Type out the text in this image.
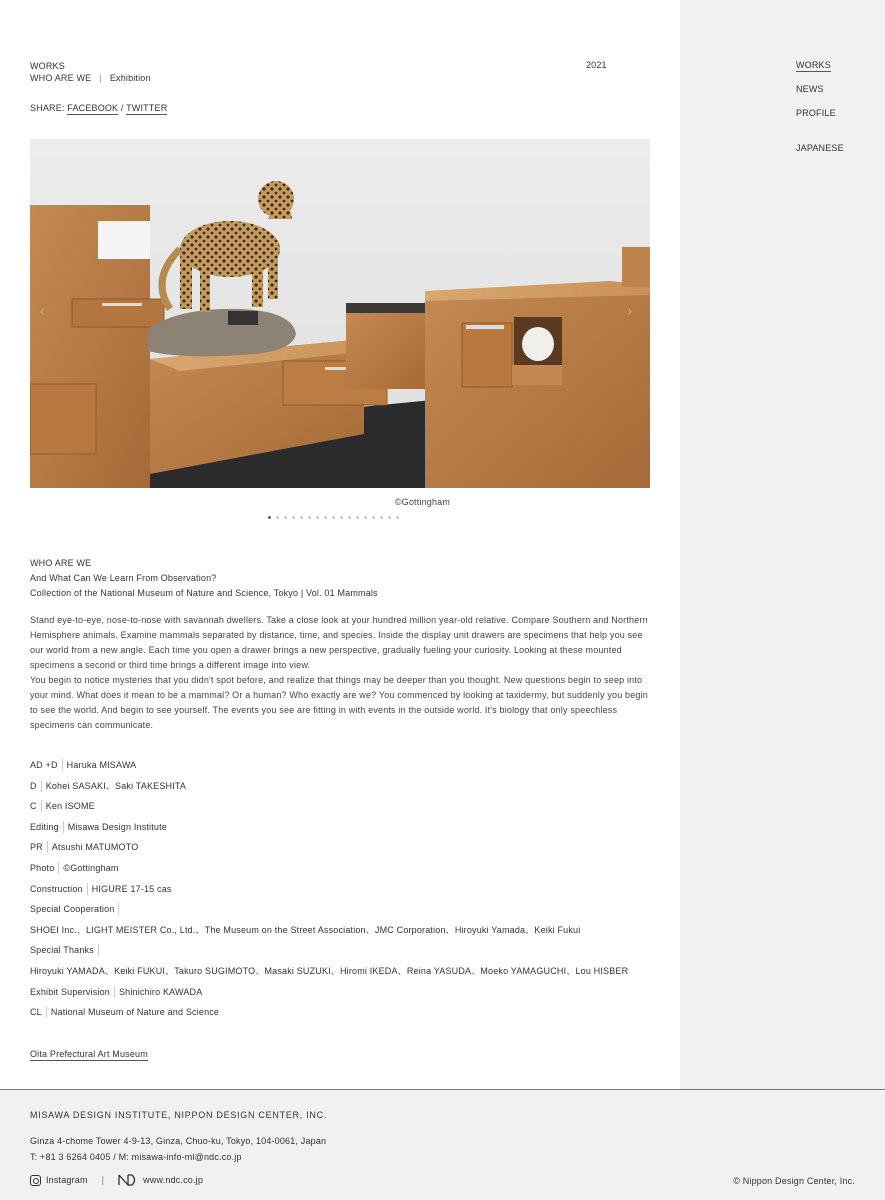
WORKS
WHO ARE WE | Exhibition
2021
SHARE: FACEBOOK / TWITTER
‹	›
©Gottingham
WHO ARE WE
And What Can We Learn From Observation?
Collection of the National Museum of Nature and Science, Tokyo | Vol. 01 Mammals
Stand eye-to-eye, nose-to-nose with savannah dwellers. Take a close look at your hundred million year-old relative. Compare Southern and Northern Hemisphere animals. Examine mammals separated by distance, time, and species. Inside the display unit drawers are specimens that help you see our world from a new angle. Each time you open a drawer brings a new perspective, gradually fueling your curiosity. Looking at these mounted specimens a second or third time brings a different image into view.
You begin to notice mysteries that you didn't spot before, and realize that things may be deeper than you thought. New questions begin to seep into your mind. What does it mean to be a mammal? Or a human? Who exactly are we? You commenced by looking at taxidermy, but suddenly you begin to see the world. And begin to see yourself. The events you see are fitting in with events in the outside world. It's biology that only speechless specimens can communicate.
AD +D Haruka MISAWA
D Kohei SASAKI、Saki TAKESHITA
C Ken ISOME
Editing Misawa Design Institute
PR Atsushi MATUMOTO
Photo ©Gottingham
Construction HIGURE 17-15 cas
Special Cooperation
SHOEI Inc.、LIGHT MEISTER Co., Ltd.、The Museum on the Street Association、JMC Corporation、Hiroyuki Yamada、Keiki Fukui
Special Thanks
Hiroyuki YAMADA、Keiki FUKUI、Takuro SUGIMOTO、Masaki SUZUKI、Hiromi IKEDA、Reina YASUDA、Moeko YAMAGUCHI、Lou HISBER
Exhibit Supervision Shinichiro KAWADA
CL National Museum of Nature and Science
Oita Prefectural Art Museum
WORKS
NEWS
PROFILE
JAPANESE
MISAWA DESIGN INSTITUTE, NIPPON DESIGN CENTER, INC.
Ginza 4-chome Tower 4-9-13, Ginza, Chuo-ku, Tokyo, 104-0061, Japan
T: +81 3 6264 0405 / M: misawa-info-ml@ndc.co.jp
Instagram |	www.ndc.co.jp	© Nippon Design Center, Inc.
